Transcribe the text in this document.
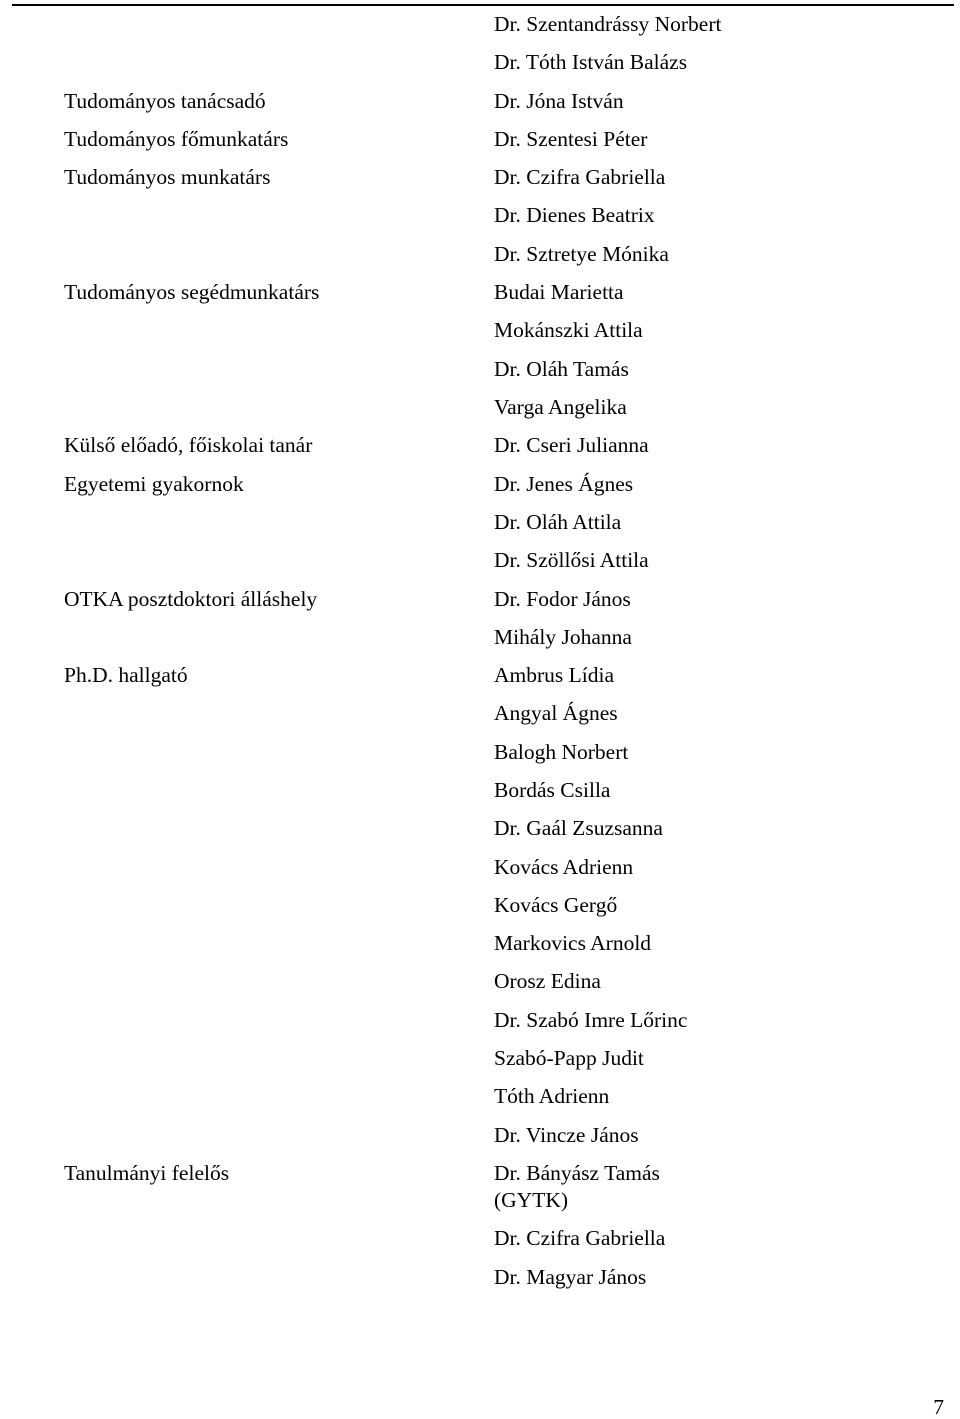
Tudományos tanácsadó
Tudományos főmunkatárs
Tudományos munkatárs
Tudományos segédmunkatárs
Külső előadó, főiskolai tanár
Egyetemi gyakornok
OTKA posztdoktori álláshely
Ph.D. hallgató
Tanulmányi felelős
Dr. Szentandrássy Norbert
Dr. Tóth István Balázs
Dr. Jóna István
Dr. Szentesi Péter
Dr. Czifra Gabriella
Dr. Dienes Beatrix
Dr. Sztretye Mónika
Budai Marietta
Mokánszki Attila
Dr. Oláh Tamás
Varga Angelika
Dr. Cseri Julianna
Dr. Jenes Ágnes
Dr. Oláh Attila
Dr. Szöllősi Attila
Dr. Fodor János
Mihály Johanna
Ambrus Lídia
Angyal Ágnes
Balogh Norbert
Bordás Csilla
Dr. Gaál Zsuzsanna
Kovács Adrienn
Kovács Gergő
Markovics Arnold
Orosz Edina
Dr. Szabó Imre Lőrinc
Szabó-Papp Judit
Tóth Adrienn
Dr. Vincze János
Dr. Bányász Tamás
(GYTK)
Dr. Czifra Gabriella
Dr. Magyar János
7
